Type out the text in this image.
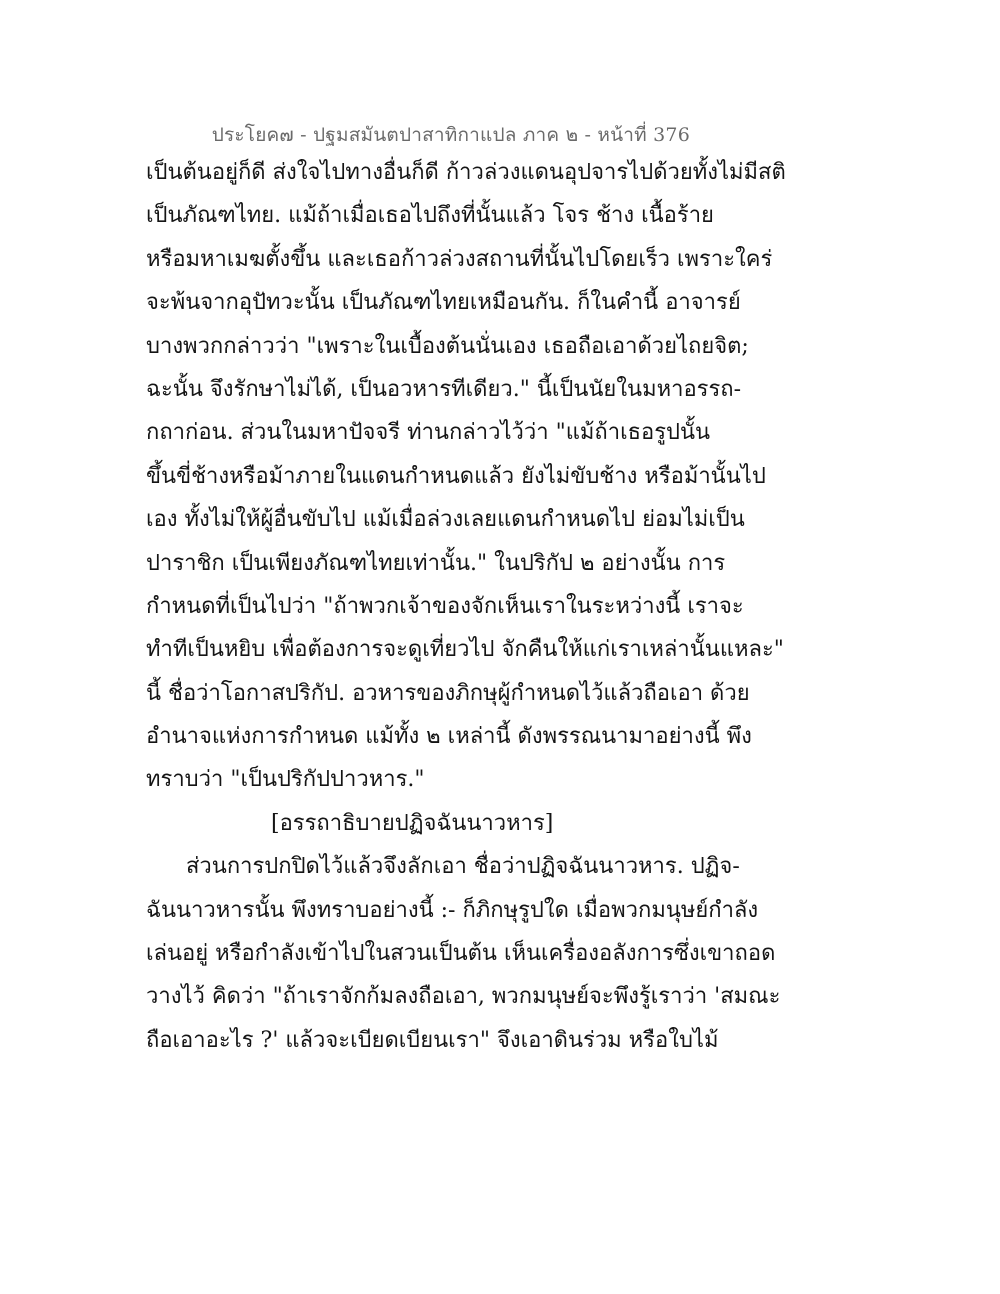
ประโยค๗ - ปฐมสมันตปาสาทิกาแปล ภาค ๒ - หน้าที่ 376
เป็นต้นอยู่ก็ดี ส่งใจไปทางอื่นก็ดี ก้าวล่วงแดนอุปจารไปด้วยทั้งไม่มีสติ
เป็นภัณฑไทย. แม้ถ้าเมื่อเธอไปถึงที่นั้นแล้ว โจร ช้าง เนื้อร้าย
หรือมหาเมฆตั้งขึ้น และเธอก้าวล่วงสถานที่นั้นไปโดยเร็ว เพราะใคร่
จะพ้นจากอุปัทวะนั้น เป็นภัณฑไทยเหมือนกัน. ก็ในคำนี้ อาจารย์
บางพวกกล่าวว่า "เพราะในเบื้องต้นนั่นเอง เธอถือเอาด้วยไถยจิต;
ฉะนั้น จึงรักษาไม่ได้, เป็นอวหารทีเดียว." นี้เป็นนัยในมหาอรรถ-
กถาก่อน. ส่วนในมหาปัจจรี ท่านกล่าวไว้ว่า "แม้ถ้าเธอรูปนั้น
ขึ้นขี่ช้างหรือม้าภายในแดนกำหนดแล้ว ยังไม่ขับช้าง หรือม้านั้นไป
เอง ทั้งไม่ให้ผู้อื่นขับไป แม้เมื่อล่วงเลยแดนกำหนดไป ย่อมไม่เป็น
ปาราชิก เป็นเพียงภัณฑไทยเท่านั้น." ในปริกัป ๒ อย่างนั้น การ
กำหนดที่เป็นไปว่า "ถ้าพวกเจ้าของจักเห็นเราในระหว่างนี้ เราจะ
ทำทีเป็นหยิบ เพื่อต้องการจะดูเที่ยวไป จักคืนให้แก่เราเหล่านั้นแหละ"
นี้ ชื่อว่าโอกาสปริกัป. อวหารของภิกษุผู้กำหนดไว้แล้วถือเอา ด้วย
อำนาจแห่งการกำหนด แม้ทั้ง ๒ เหล่านี้ ดังพรรณนามาอย่างนี้ พึง
ทราบว่า "เป็นปริกัปปาวหาร."
[อรรถาธิบายปฏิจฉันนาวหาร]
ส่วนการปกปิดไว้แล้วจึงลักเอา ชื่อว่าปฏิจฉันนาวหาร. ปฏิจ-
ฉันนาวหารนั้น พึงทราบอย่างนี้ :- ก็ภิกษุรูปใด เมื่อพวกมนุษย์กำลัง
เล่นอยู่ หรือกำลังเข้าไปในสวนเป็นต้น เห็นเครื่องอลังการซึ่งเขาถอด
วางไว้ คิดว่า "ถ้าเราจักก้มลงถือเอา, พวกมนุษย์จะพึงรู้เราว่า 'สมณะ
ถือเอาอะไร ?' แล้วจะเบียดเบียนเรา" จึงเอาดินร่วม หรือใบไม้
